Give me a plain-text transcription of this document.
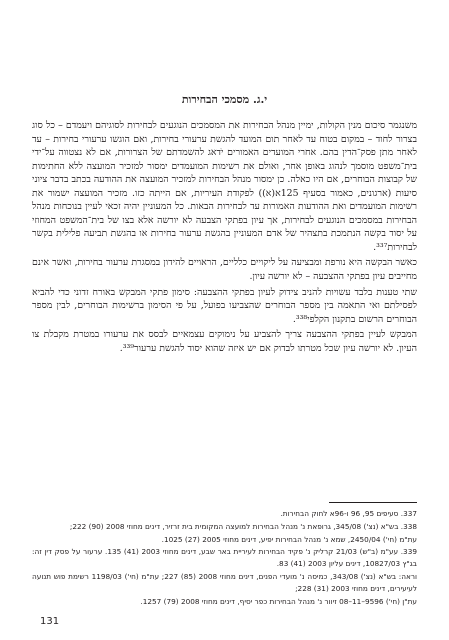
י.ג. מסמכי הבחירות

משנגמר סיכום מנין הקולות, ימיין מנהל הבחירות את המסמכים הנוגעים לבחירות לסוגיהם ויעמדם – כל סוג בצרור לחוד – במקום בטוח עד לאחר תום המועד להגשת ערעורי בחירות, ואם הוגשו ערעורי בחירות – עד לאחר מתן פסק־הדין בהם. אחרי המועדים האמורים יׂדאג להשמדתם של הצרורות, אם לא נצטווה על־ידי בית־משפט מוסמך לנהוג באופן אחר, ואולם את רשימות המועמדים ימסור למזכיר המועצה ללא החתימות של קבוצות הבוחרים, אם היו כאלה. כן ימסור מנהל הבחירות למזכיר המועצה את ההודעה בכתב בדבר ציוני סיעות (ארגונים, כאמור בסעיף 125א(א)) לפקודת העיריות, אם הייתה כזו. מזכיר המועצה ישמור את רשימות המועמדים ואת ההודעות האמורות עד לבחירות הבאות. כל המעוניין יהיה זכאי לעיין בנוכחות מנהל הבחירות במסמכים הנוגעים לבחירות, אך עיון בפתקי הצבעה לא יורשה אלא בצו של בית־המשפט המחוזי על יסוד בקשה הנתמכת בתצהיר של אדם המעוניין בהגשת ערעור בחירות או בהגשת תביעה פלילית בקשר לבחירות³³⁷.

כאשר הבקשה היא נורפת ומבציעה על ליקויים כלליים, הראויים להידון במסגרת ערעור בחירות, ואשר אינם מחייבים עיון בפתקי ההצבעה – לא יורשה עיון.

שתי טענות בלבד עשויות להניב צידוק לעיון בפתקי ההצבעה: סימון פתקי המבקש באורח זדוני כדי להביא לפסילתם ואי התאמה בין מספר הבוחרים שהצביעו בפועל, על פי הסימון ברשימות הבוחרים, לבין מספר הבוחרים הרשום בתקנון הקלפי³³⁸.

המבקש לעיין בפתקי ההצבעה צריך להצביע על נימוקים עצמאיים לבסס את ערעורו במטרת מקבלת צו העיון. לא יורשה עיון שכל מטרתו לבדוק אם יש איזה שהוא יסוד להגשת ערעור³³⁹.

337. סעיפים 95, 96 ו-96א לחוק הבחירות.
338. בש"א (נצ') 345/08, גרופאת נ' מנהל הבחירות למועצה המקומית בית זרזיר, דינים מחוזי 2008 (90) 222;
עת"מ (חי') 2450/04, שמא נ' מנהל הבחירות יפיע, דינים מחוזי 2005 (27) 1025.
339. עע"מ (ב"ש) 21/03 קרליק נ' פקיד הבחירות לעיריית באר שבע, דינים מחוזי 2003 (41) 135. ערעור על פסק דין זה: בג"ץ 10827/03, דינים עליון 2003 (41) 83.
וראה: בש"א (נצ') 343/08, כמיסה נ' מועדי הפנים, דינים מחוזי 2008 (85) 227; עת"מ (חי') 1198/03 רשימת פוש תנועה לעיעירים, דינים מחוזי 2003 (31) 228;
עת"ן (חי') 9596–11–08 זיוור נ' מנהל הבחירות כפר יסיף, דינים מחוזי 2008 (79) 1257.
131
